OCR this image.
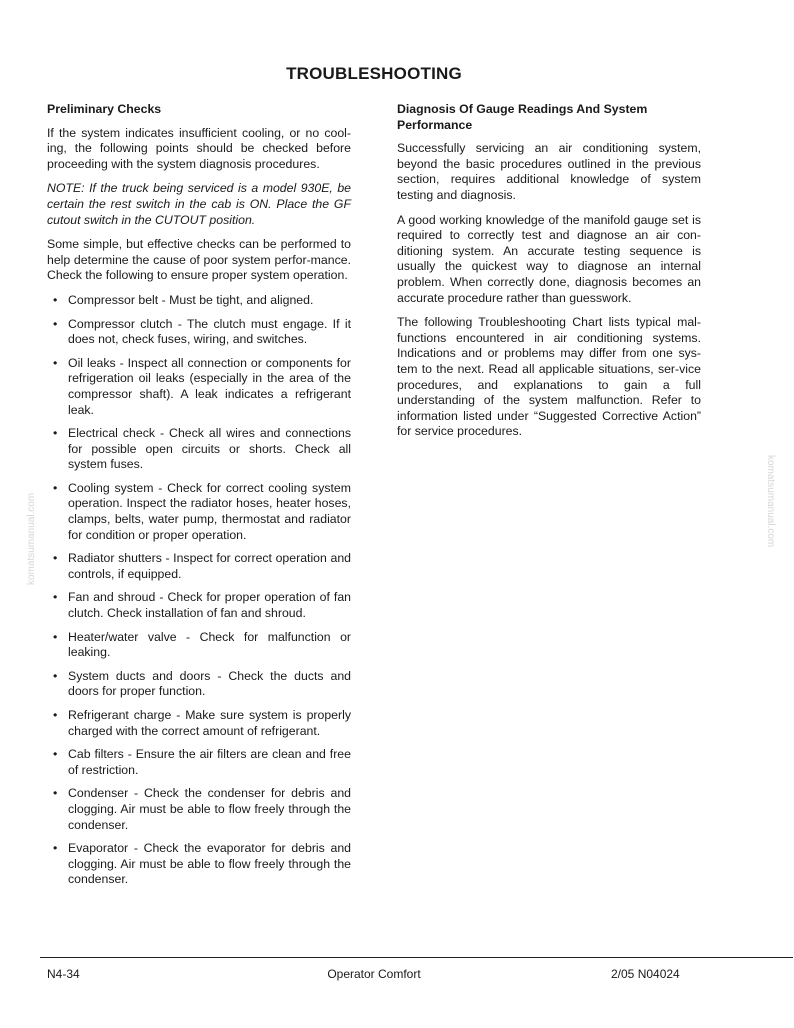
TROUBLESHOOTING
Preliminary Checks

If the system indicates insufficient cooling, or no cool-ing, the following points should be checked before proceeding with the system diagnosis procedures.

NOTE: If the truck being serviced is a model 930E, be certain the rest switch in the cab is ON. Place the GF cutout switch in the CUTOUT position.

Some simple, but effective checks can be performed to help determine the cause of poor system perfor-mance. Check the following to ensure proper system operation.

• Compressor belt - Must be tight, and aligned.
• Compressor clutch - The clutch must engage. If it does not, check fuses, wiring, and switches.
• Oil leaks - Inspect all connection or components for refrigeration oil leaks (especially in the area of the compressor shaft). A leak indicates a refrigerant leak.
• Electrical check - Check all wires and connections for possible open circuits or shorts. Check all system fuses.
• Cooling system - Check for correct cooling system operation. Inspect the radiator hoses, heater hoses, clamps, belts, water pump, thermostat and radiator for condition or proper operation.
• Radiator shutters - Inspect for correct operation and controls, if equipped.
• Fan and shroud - Check for proper operation of fan clutch. Check installation of fan and shroud.
• Heater/water valve - Check for malfunction or leaking.
• System ducts and doors - Check the ducts and doors for proper function.
• Refrigerant charge - Make sure system is properly charged with the correct amount of refrigerant.
• Cab filters - Ensure the air filters are clean and free of restriction.
• Condenser - Check the condenser for debris and clogging. Air must be able to flow freely through the condenser.
• Evaporator - Check the evaporator for debris and clogging. Air must be able to flow freely through the condenser.
Diagnosis Of Gauge Readings And System Performance

Successfully servicing an air conditioning system, beyond the basic procedures outlined in the previous section, requires additional knowledge of system testing and diagnosis.

A good working knowledge of the manifold gauge set is required to correctly test and diagnose an air con-ditioning system. An accurate testing sequence is usually the quickest way to diagnose an internal problem. When correctly done, diagnosis becomes an accurate procedure rather than guesswork.

The following Troubleshooting Chart lists typical mal-functions encountered in air conditioning systems. Indications and or problems may differ from one sys-tem to the next. Read all applicable situations, ser-vice procedures, and explanations to gain a full understanding of the system malfunction. Refer to information listed under “Suggested Corrective Action” for service procedures.

komatsumanual.com	komatsumanual.com
N4-34	Operator Comfort	2/05 N04024
